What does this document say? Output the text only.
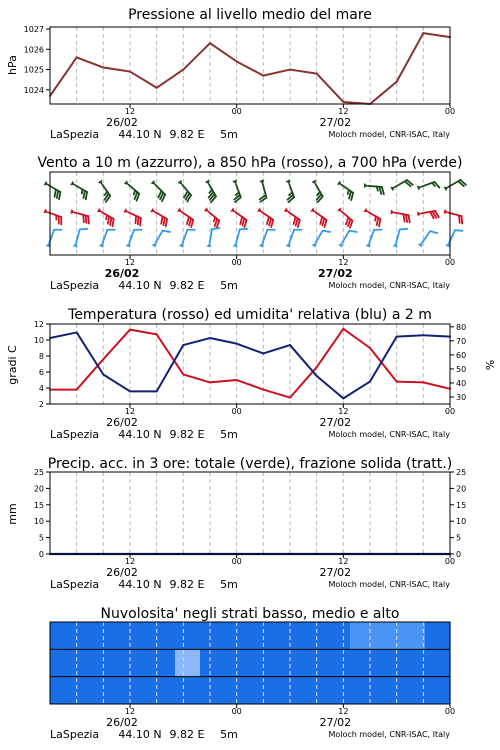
Pressione al livello medio del mare
hPa
1024
1025
1026
1027
12	00	12	00
26/02	27/02
LaSpezia 44.10 N 9.82 E 5m	Moloch model, CNR-ISAC, Italy
Vento a 10 m (azzurro), a 850 hPa (rosso), a 700 hPa (verde)
12	00	12	00
26/02	27/02
LaSpezia 44.10 N 9.82 E 5m	Moloch model, CNR-ISAC, Italy
Temperatura (rosso) ed umidita' relativa (blu) a 2 m
gradi C	%
2
4
6
8
10
12
30
40
50
60
70
80
12	00	12	00
26/02	27/02
LaSpezia 44.10 N 9.82 E 5m	Moloch model, CNR-ISAC, Italy
Precip. acc. in 3 ore: totale (verde), frazione solida (tratt.)
mm
0
5
10
15
20
25
0
5
10
15
20
25
12	00	12	00
26/02	27/02
LaSpezia 44.10 N 9.82 E 5m	Moloch model, CNR-ISAC, Italy
Nuvolosita' negli strati basso, medio e alto
12	00	12	00
26/02	27/02
LaSpezia 44.10 N 9.82 E 5m	Moloch model, CNR-ISAC, Italy
